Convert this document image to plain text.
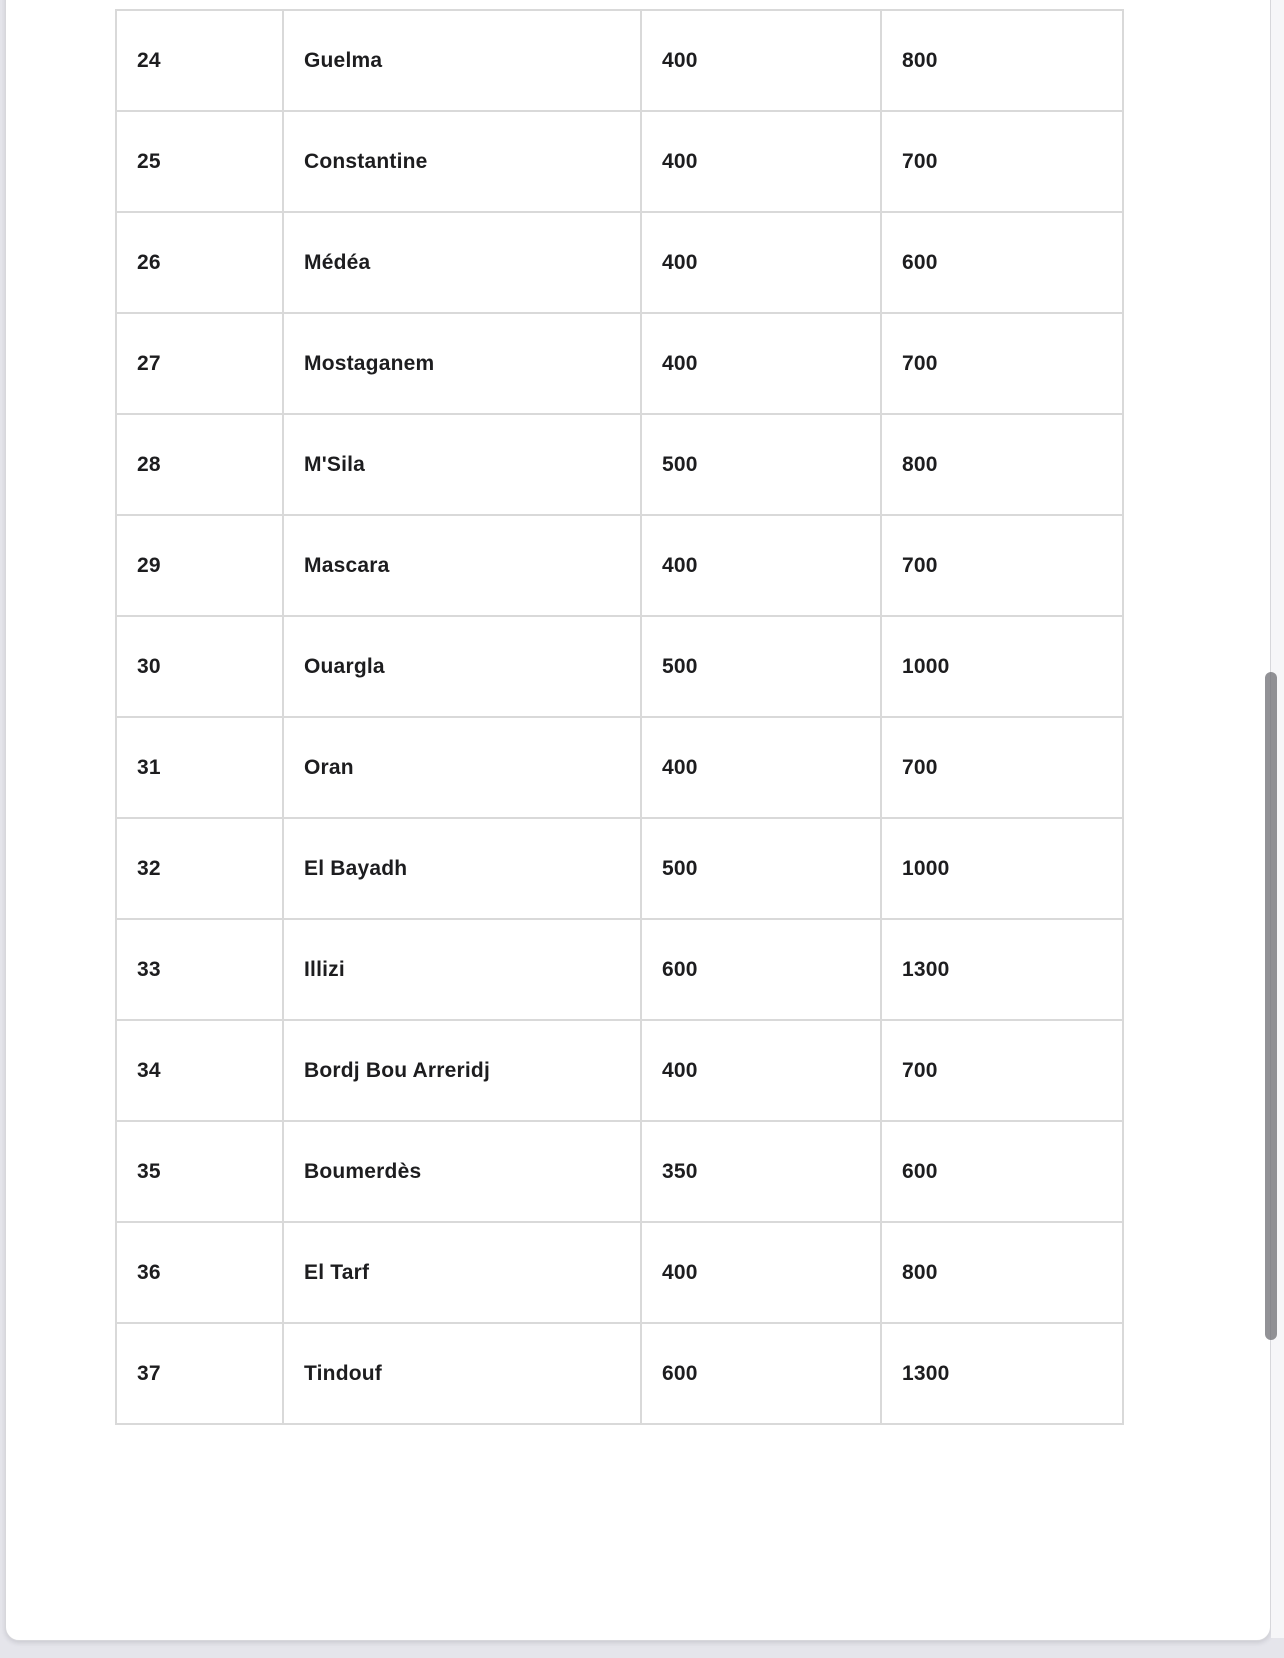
24	Guelma	400	800
25	Constantine	400	700
26	Médéa	400	600
27	Mostaganem	400	700
28	M'Sila	500	800
29	Mascara	400	700
30	Ouargla	500	1000
31	Oran	400	700
32	El Bayadh	500	1000
33	Illizi	600	1300
34	Bordj Bou Arreridj	400	700
35	Boumerdès	350	600
36	El Tarf	400	800
37	Tindouf	600	1300
